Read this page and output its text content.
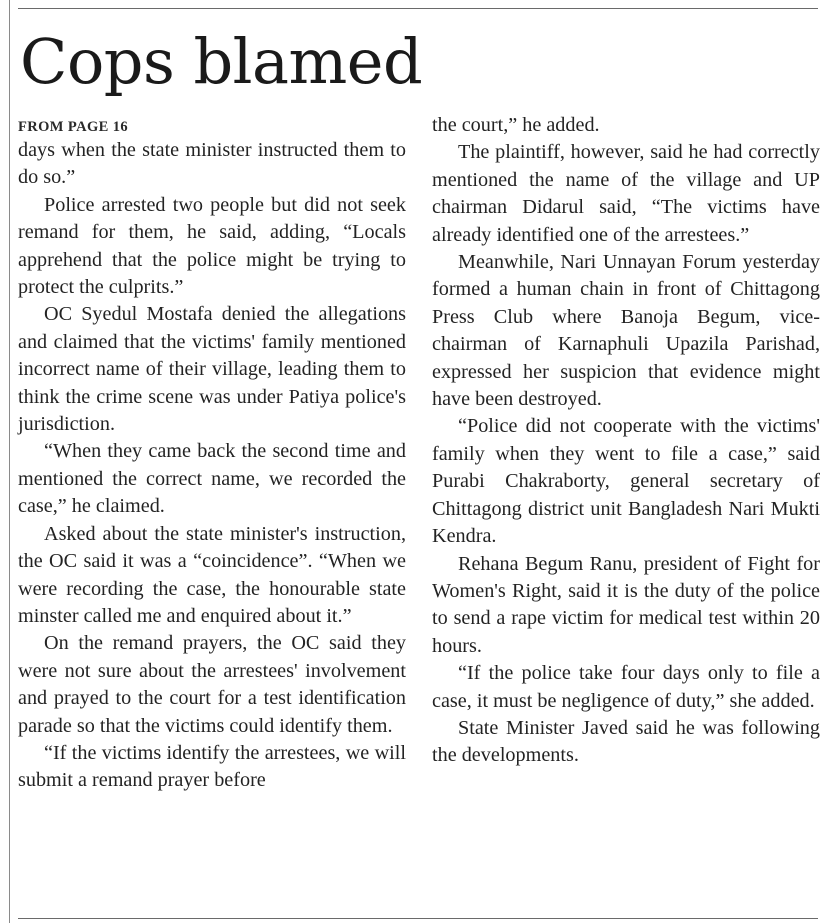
Cops blamed
FROM PAGE 16

days when the state minister instructed them to do so.”

Police arrested two people but did not seek remand for them, he said, adding, “Locals apprehend that the police might be trying to protect the culprits.”

OC Syedul Mostafa denied the allegations and claimed that the victims' family mentioned incorrect name of their village, leading them to think the crime scene was under Patiya police's jurisdiction.

“When they came back the second time and mentioned the correct name, we recorded the case,” he claimed.

Asked about the state minister's instruction, the OC said it was a “coincidence”. “When we were recording the case, the honourable state minster called me and enquired about it.”

On the remand prayers, the OC said they were not sure about the arrestees' involvement and prayed to the court for a test identification parade so that the victims could identify them.

“If the victims identify the arrestees, we will submit a remand prayer before

the court,” he added.

The plaintiff, however, said he had correctly mentioned the name of the village and UP chairman Didarul said, “The victims have already identified one of the arrestees.”

Meanwhile, Nari Unnayan Forum yesterday formed a human chain in front of Chittagong Press Club where Banoja Begum, vice-chairman of Karnaphuli Upazila Parishad, expressed her suspicion that evidence might have been destroyed.

“Police did not cooperate with the victims' family when they went to file a case,” said Purabi Chakraborty, general secretary of Chittagong district unit Bangladesh Nari Mukti Kendra.

Rehana Begum Ranu, president of Fight for Women's Right, said it is the duty of the police to send a rape victim for medical test within 20 hours.

“If the police take four days only to file a case, it must be negligence of duty,” she added.

State Minister Javed said he was following the developments.
